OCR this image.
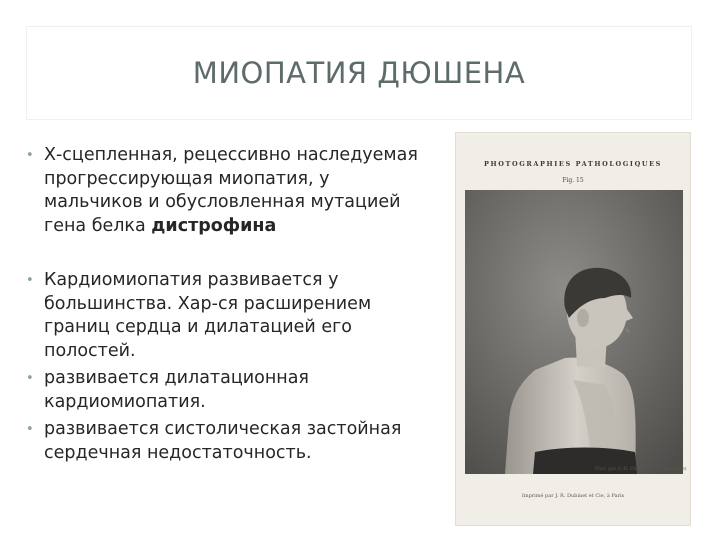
МИОПАТИЯ ДЮШЕНА
• Х-сцепленная, рецессивно наследуемая прогрессирующая миопатия, у мальчиков и обусловленная мутацией гена белка дистрофина
• Кардиомиопатия развивается у большинства. Хар-ся расширением границ сердца и дилатацией его полостей.
• развивается дилатационная кардиомиопатия.
• развивается систолическая застойная сердечная недостаточность.
PHOTOGRAPHIES PATHOLOGIQUES
Fig. 15
Phot. par G.-B. Duchenne (de Boulogne)
Imprimé par J. R. Dubinet et Cie, à Paris
